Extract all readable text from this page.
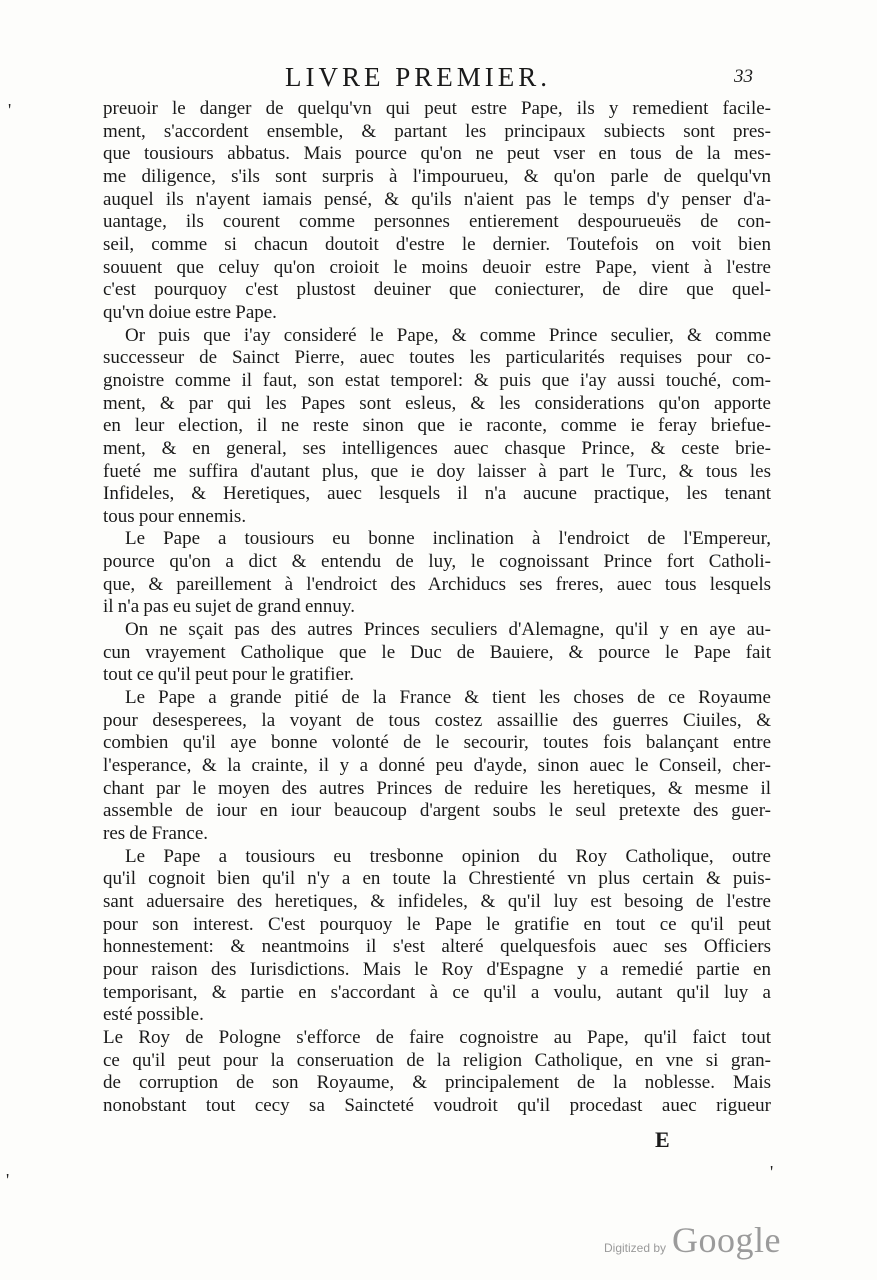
LIVRE PREMIER.	33
'	preuoir le danger de quelqu'vn qui peut estre Pape, ils y remedient facile-
ment, s'accordent ensemble, & partant les principaux subiects sont pres-
que tousiours abbatus. Mais pource qu'on ne peut vser en tous de la mes-
me diligence, s'ils sont surpris à l'impourueu, & qu'on parle de quelqu'vn
auquel ils n'ayent iamais pensé, & qu'ils n'aient pas le temps d'y penser d'a-
uantage, ils courent comme personnes entierement despourueuës de con-
seil, comme si chacun doutoit d'estre le dernier. Toutefois on voit bien
souuent que celuy qu'on croioit le moins deuoir estre Pape, vient à l'estre
c'est pourquoy c'est plustost deuiner que coniecturer, de dire que quel-
qu'vn doiue estre Pape.
Or puis que i'ay consideré le Pape, & comme Prince seculier, & comme
successeur de Sainct Pierre, auec toutes les particularités requises pour co-
gnoistre comme il faut, son estat temporel: & puis que i'ay aussi touché, com-
ment, & par qui les Papes sont esleus, & les considerations qu'on apporte
en leur election, il ne reste sinon que ie raconte, comme ie feray briefue-
ment, & en general, ses intelligences auec chasque Prince, & ceste brie-
fueté me suffira d'autant plus, que ie doy laisser à part le Turc, & tous les
Infideles, & Heretiques, auec lesquels il n'a aucune practique, les tenant
tous pour ennemis.
Le Pape a tousiours eu bonne inclination à l'endroict de l'Empereur,
pource qu'on a dict & entendu de luy, le cognoissant Prince fort Catholi-
que, & pareillement à l'endroict des Archiducs ses freres, auec tous lesquels
il n'a pas eu sujet de grand ennuy.
On ne sçait pas des autres Princes seculiers d'Alemagne, qu'il y en aye au-
cun vrayement Catholique que le Duc de Bauiere, & pource le Pape fait
tout ce qu'il peut pour le gratifier.
Le Pape a grande pitié de la France & tient les choses de ce Royaume
pour desesperees, la voyant de tous costez assaillie des guerres Ciuiles, &
combien qu'il aye bonne volonté de le secourir, toutes fois balançant entre
l'esperance, & la crainte, il y a donné peu d'ayde, sinon auec le Conseil, cher-
chant par le moyen des autres Princes de reduire les heretiques, & mesme il
assemble de iour en iour beaucoup d'argent soubs le seul pretexte des guer-
res de France.
Le Pape a tousiours eu tresbonne opinion du Roy Catholique, outre
qu'il cognoit bien qu'il n'y a en toute la Chrestienté vn plus certain & puis-
sant aduersaire des heretiques, & infideles, & qu'il luy est besoing de l'estre
pour son interest. C'est pourquoy le Pape le gratifie en tout ce qu'il peut
honnestement: & neantmoins il s'est alteré quelquesfois auec ses Officiers
pour raison des Iurisdictions. Mais le Roy d'Espagne y a remedié partie en
temporisant, & partie en s'accordant à ce qu'il a voulu, autant qu'il luy a
esté possible.
Le Roy de Pologne s'efforce de faire cognoistre au Pape, qu'il faict tout
ce qu'il peut pour la conseruation de la religion Catholique, en vne si gran-
de corruption de son Royaume, & principalement de la noblesse. Mais
nonobstant tout cecy sa Saincteté voudroit qu'il procedast auec rigueur
E
'
'
Digitized by Google
